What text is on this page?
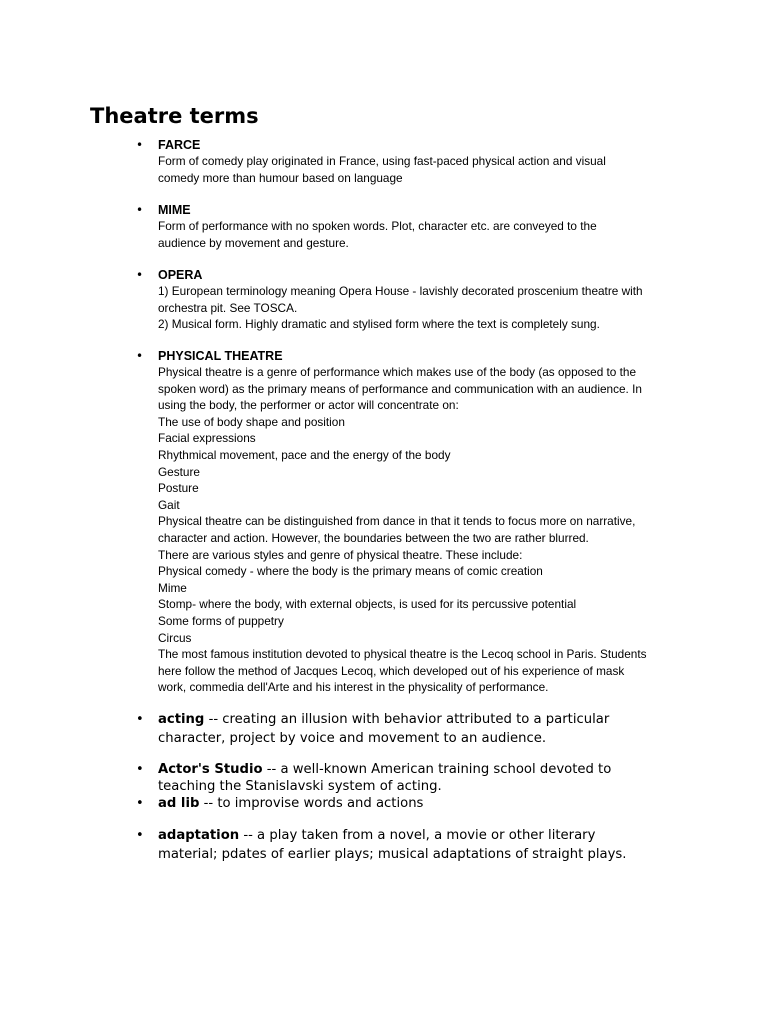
Theatre terms
• FARCE
Form of comedy play originated in France, using fast-paced physical action and visual
comedy more than humour based on language
• MIME
Form of performance with no spoken words. Plot, character etc. are conveyed to the
audience by movement and gesture.
• OPERA
1) European terminology meaning Opera House - lavishly decorated proscenium theatre with
orchestra pit. See TOSCA.
2) Musical form. Highly dramatic and stylised form where the text is completely sung.
• PHYSICAL THEATRE
Physical theatre is a genre of performance which makes use of the body (as opposed to the
spoken word) as the primary means of performance and communication with an audience. In
using the body, the performer or actor will concentrate on:
The use of body shape and position
Facial expressions
Rhythmical movement, pace and the energy of the body
Gesture
Posture
Gait
Physical theatre can be distinguished from dance in that it tends to focus more on narrative,
character and action. However, the boundaries between the two are rather blurred.
There are various styles and genre of physical theatre. These include:
Physical comedy - where the body is the primary means of comic creation
Mime
Stomp- where the body, with external objects, is used for its percussive potential
Some forms of puppetry
Circus
The most famous institution devoted to physical theatre is the Lecoq school in Paris. Students
here follow the method of Jacques Lecoq, which developed out of his experience of mask
work, commedia dell'Arte and his interest in the physicality of performance.
• acting -- creating an illusion with behavior attributed to a particular
character, project by voice and movement to an audience.
• Actor's Studio -- a well-known American training school devoted to
teaching the Stanislavski system of acting.
• ad lib -- to improvise words and actions
• adaptation -- a play taken from a novel, a movie or other literary
material; pdates of earlier plays; musical adaptations of straight plays.
